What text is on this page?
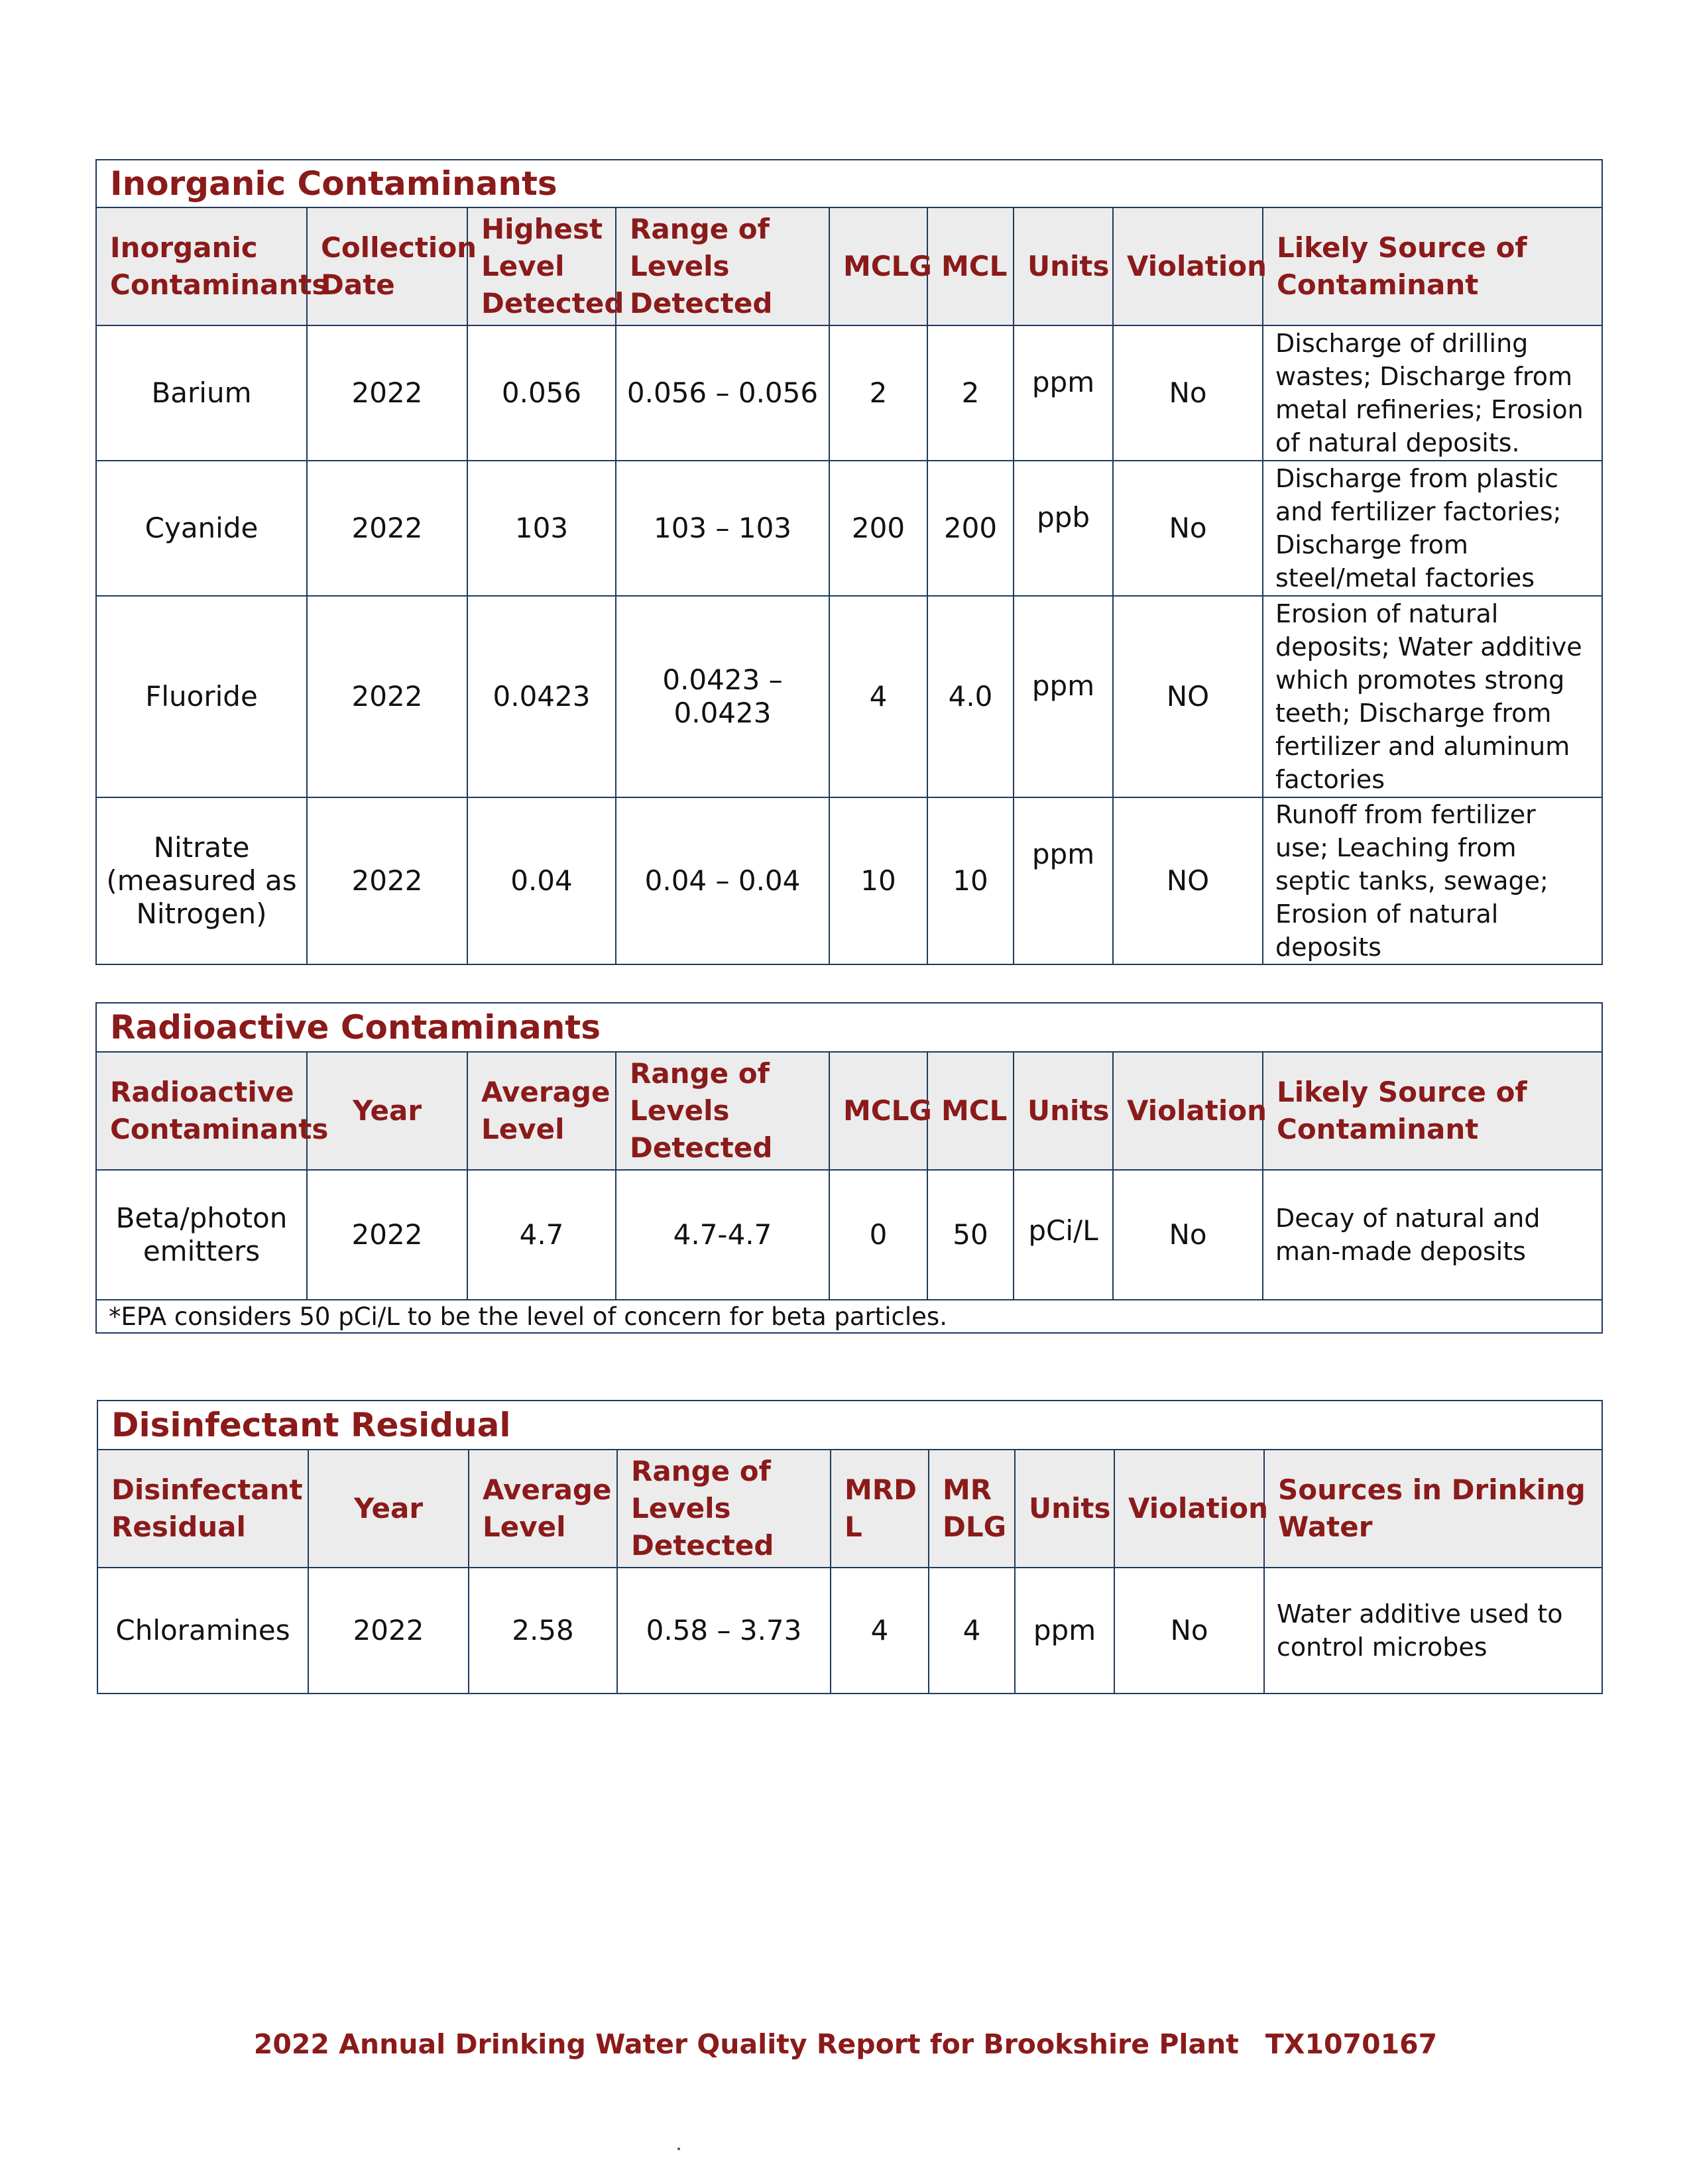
Inorganic Contaminants								
Inorganic Contaminants	Collection Date	Highest Level Detected	Range of Levels Detected	MCLG	MCL	Units	Violation	Likely Source of Contaminant
Barium	2022	0.056	0.056 – 0.056	2	2	ppm	No	Discharge of drilling wastes; Discharge from metal refineries; Erosion of natural deposits.
Cyanide	2022	103	103 – 103	200	200	ppb	No	Discharge from plastic and fertilizer factories; Discharge from steel/metal factories
Fluoride	2022	0.0423	0.0423 – 0.0423	4	4.0	ppm	NO	Erosion of natural deposits; Water additive which promotes strong teeth; Discharge from fertilizer and aluminum factories
Nitrate (measured as Nitrogen)	2022	0.04	0.04 – 0.04	10	10	ppm	NO	Runoff from fertilizer use; Leaching from septic tanks, sewage; Erosion of natural deposits
Radioactive Contaminants								
Radioactive Contaminants	Year	Average Level	Range of Levels Detected	MCLG	MCL	Units	Violation	Likely Source of Contaminant
Beta/photon emitters	2022	4.7	4.7-4.7	0	50	pCi/L	No	Decay of natural and man-made deposits
*EPA considers 50 pCi/L to be the level of concern for beta particles.								
Disinfectant Residual								
Disinfectant Residual	Year	Average Level	Range of Levels Detected	MRD L	MR DLG	Units	Violation	Sources in Drinking Water
Chloramines	2022	2.58	0.58 – 3.73	4	4	ppm	No	Water additive used to control microbes
2022 Annual Drinking Water Quality Report for Brookshire Plant TX1070167
